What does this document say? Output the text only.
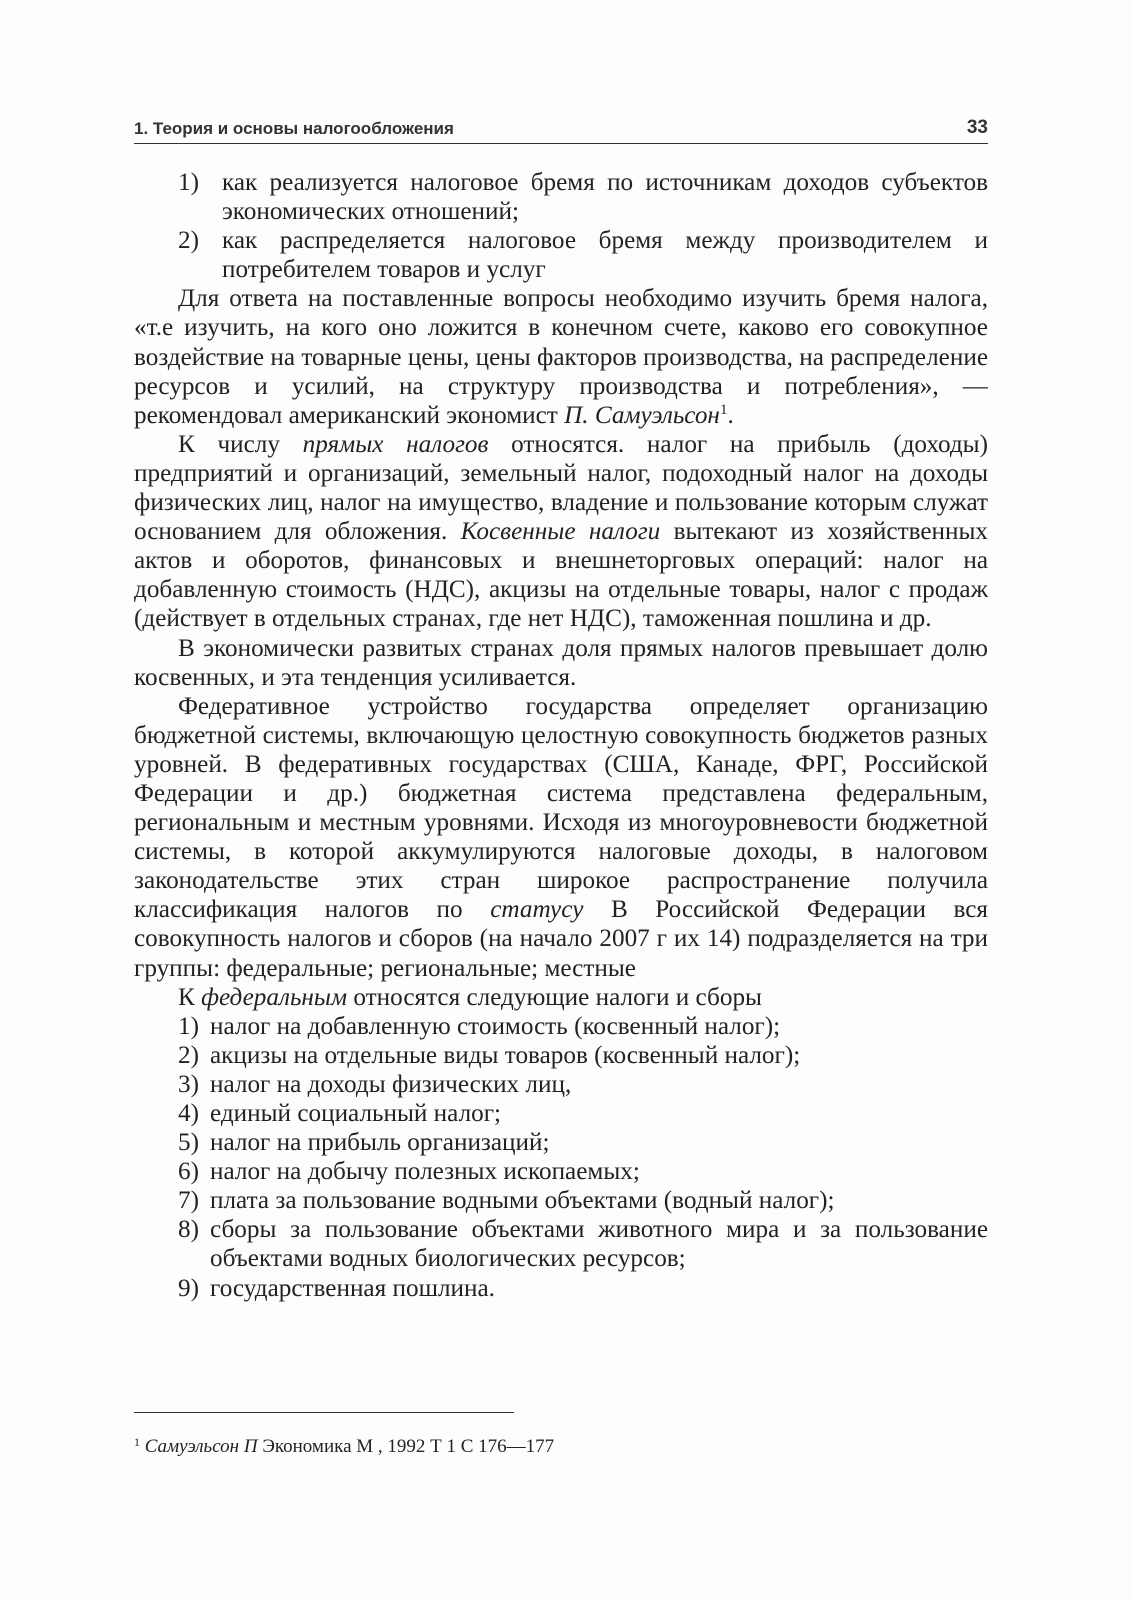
1. Теория и основы налогообложения	33
1) как реализуется налоговое бремя по источникам доходов субъектов экономических отношений;
2) как распределяется налоговое бремя между производителем и потребителем товаров и услуг

Для ответа на поставленные вопросы необходимо изучить бремя налога, «т.е изучить, на кого оно ложится в конечном счете, каково его совокупное воздействие на товарные цены, цены факторов производства, на распределение ресурсов и усилий, на структуру производства и потребления», — рекомендовал американский экономист П. Самуэльсон$^1$.

К числу прямых налогов относятся. налог на прибыль (доходы) предприятий и организаций, земельный налог, подоходный налог на доходы физических лиц, налог на имущество, владение и пользование которым служат основанием для обложения. Косвенные налоги вытекают из хозяйственных актов и оборотов, финансовых и внешнеторговых операций: налог на добавленную стоимость (НДС), акцизы на отдельные товары, налог с продаж (действует в отдельных странах, где нет НДС), таможенная пошлина и др.

В экономически развитых странах доля прямых налогов превышает долю косвенных, и эта тенденция усиливается.

Федеративное устройство государства определяет организацию бюджетной системы, включающую целостную совокупность бюджетов разных уровней. В федеративных государствах (США, Канаде, ФРГ, Российской Федерации и др.) бюджетная система представлена федеральным, региональным и местным уровнями. Исходя из многоуровневости бюджетной системы, в которой аккумулируются налоговые доходы, в налоговом законодательстве этих стран широкое распространение получила классификация налогов по статусу В Российской Федерации вся совокупность налогов и сборов (на начало 2007 г их 14) подразделяется на три группы: федеральные; региональные; местные

К федеральным относятся следующие налоги и сборы

1) налог на добавленную стоимость (косвенный налог);
2) акцизы на отдельные виды товаров (косвенный налог);
3) налог на доходы физических лиц,
4) единый социальный налог;
5) налог на прибыль организаций;
6) налог на добычу полезных ископаемых;
7) плата за пользование водными объектами (водный налог);
8) сборы за пользование объектами животного мира и за пользование объектами водных биологических ресурсов;
9) государственная пошлина.
$^1$ Самуэльсон П Экономика М , 1992 Т 1 С 176—177
